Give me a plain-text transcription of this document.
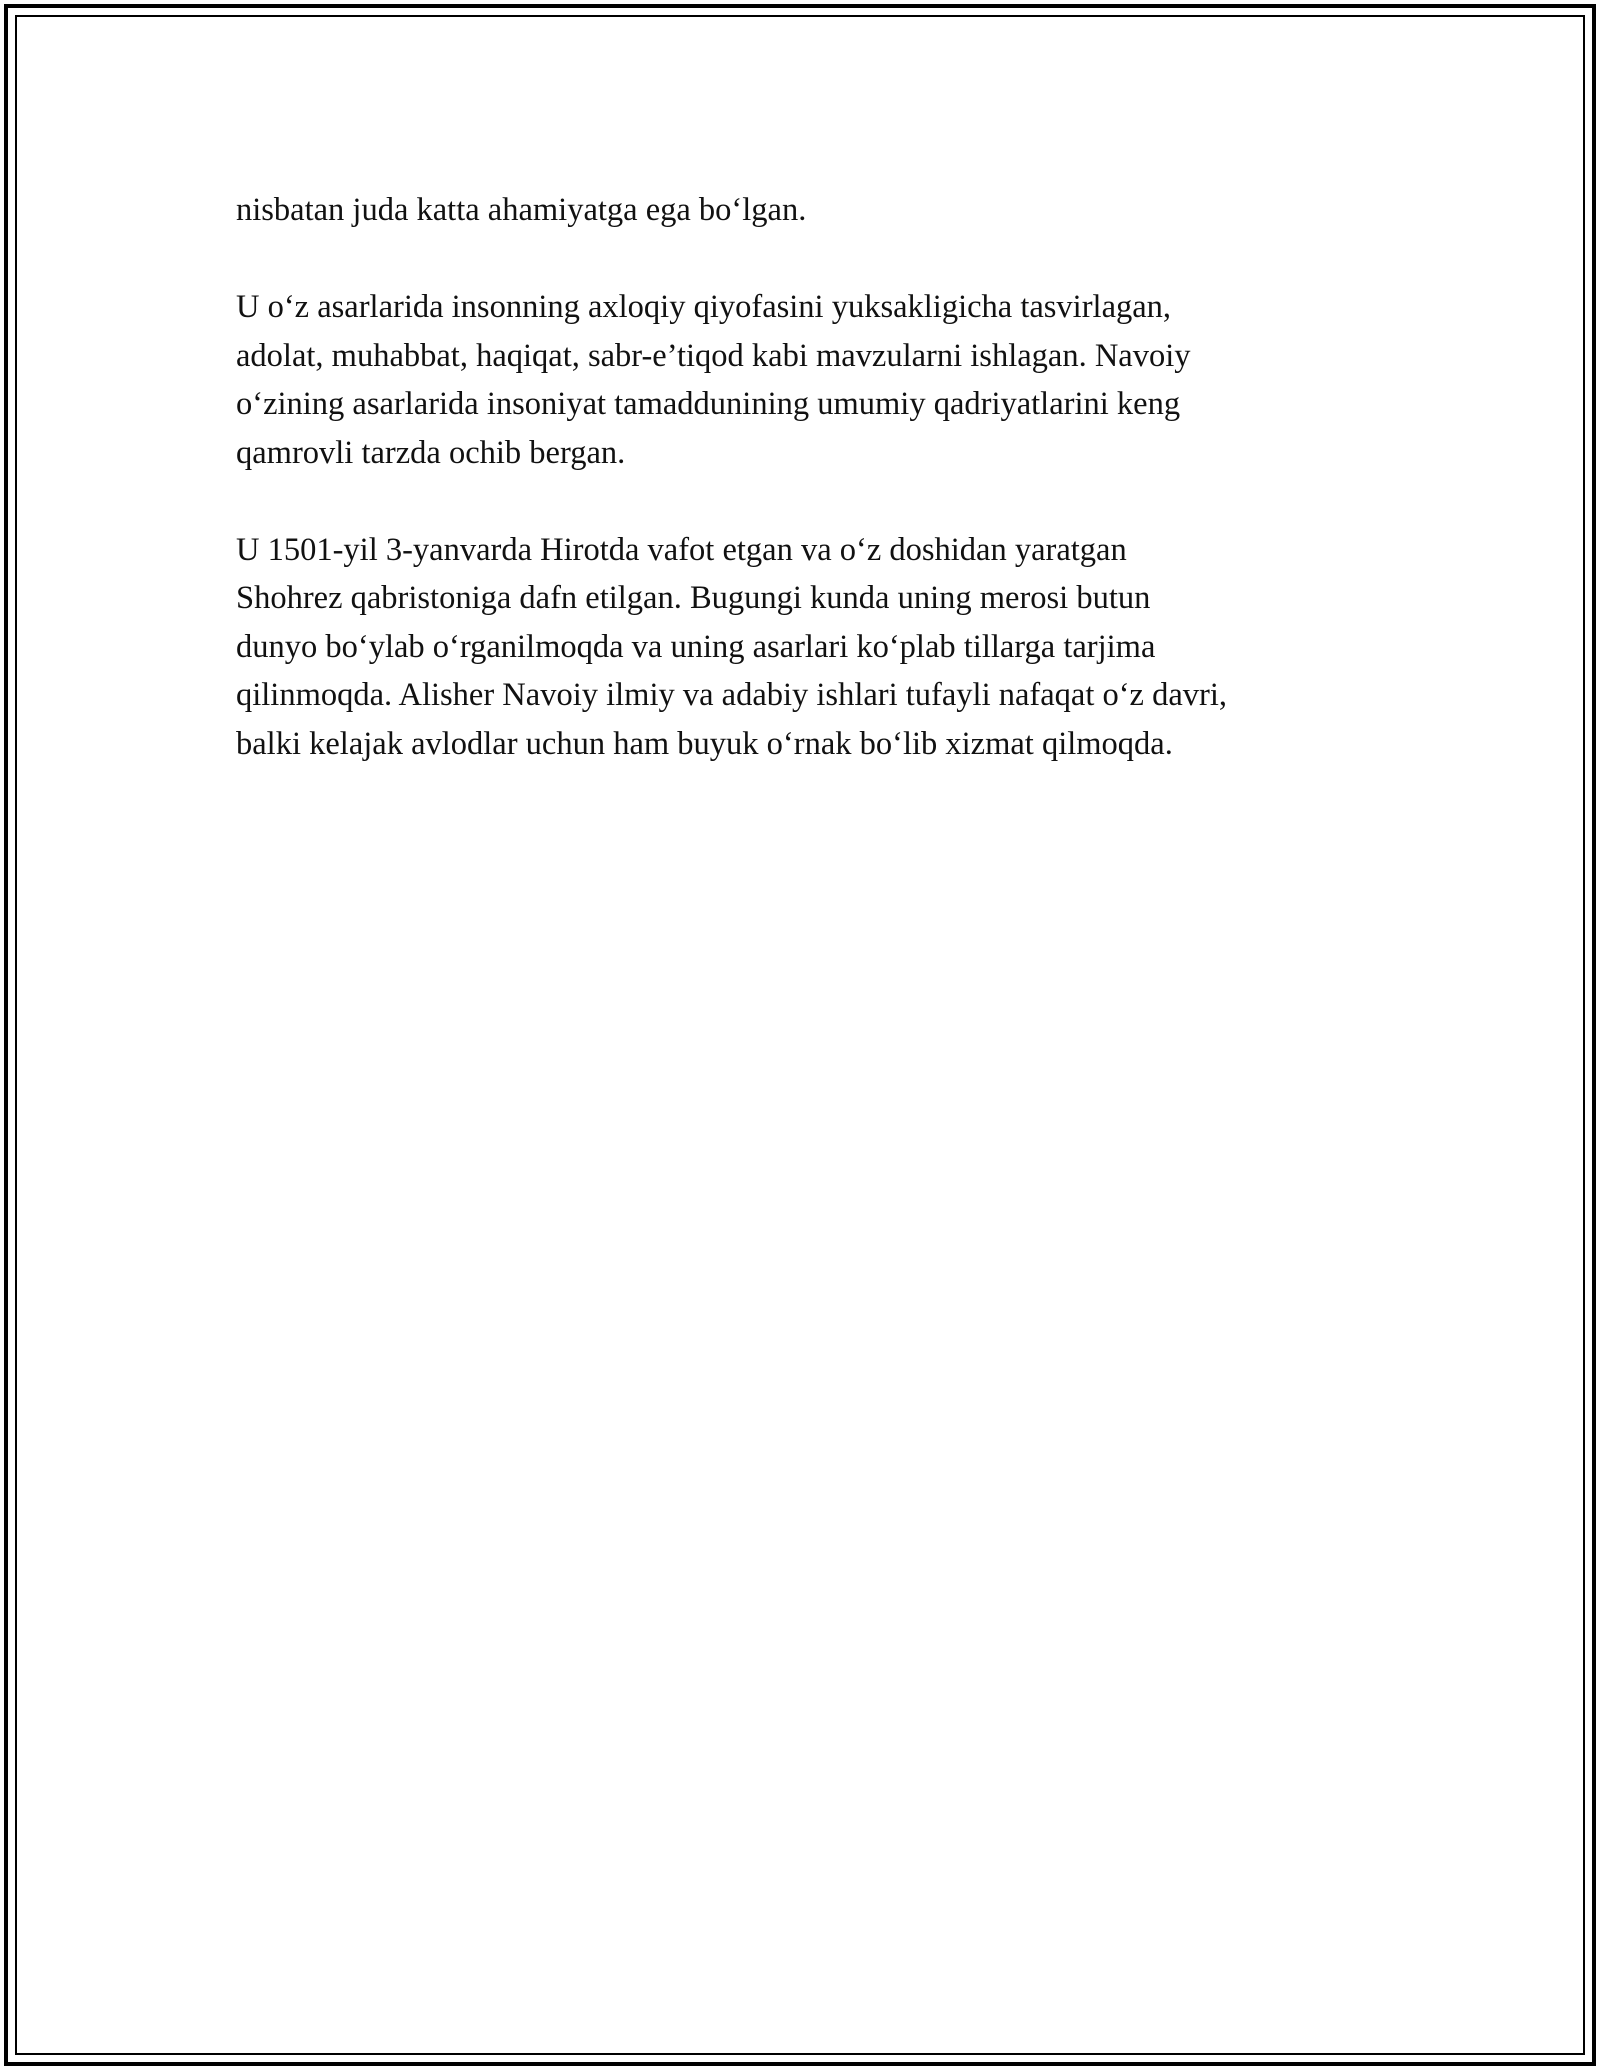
nisbatan juda katta ahamiyatga ega bo‘lgan.

U o‘z asarlarida insonning axloqiy qiyofasini yuksakligicha tasvirlagan,
adolat, muhabbat, haqiqat, sabr-e’tiqod kabi mavzularni ishlagan. Navoiy
o‘zining asarlarida insoniyat tamaddunining umumiy qadriyatlarini keng
qamrovli tarzda ochib bergan.

U 1501-yil 3-yanvarda Hirotda vafot etgan va o‘z doshidan yaratgan
Shohrez qabristoniga dafn etilgan. Bugungi kunda uning merosi butun
dunyo bo‘ylab o‘rganilmoqda va uning asarlari ko‘plab tillarga tarjima
qilinmoqda. Alisher Navoiy ilmiy va adabiy ishlari tufayli nafaqat o‘z davri,
balki kelajak avlodlar uchun ham buyuk o‘rnak bo‘lib xizmat qilmoqda.
